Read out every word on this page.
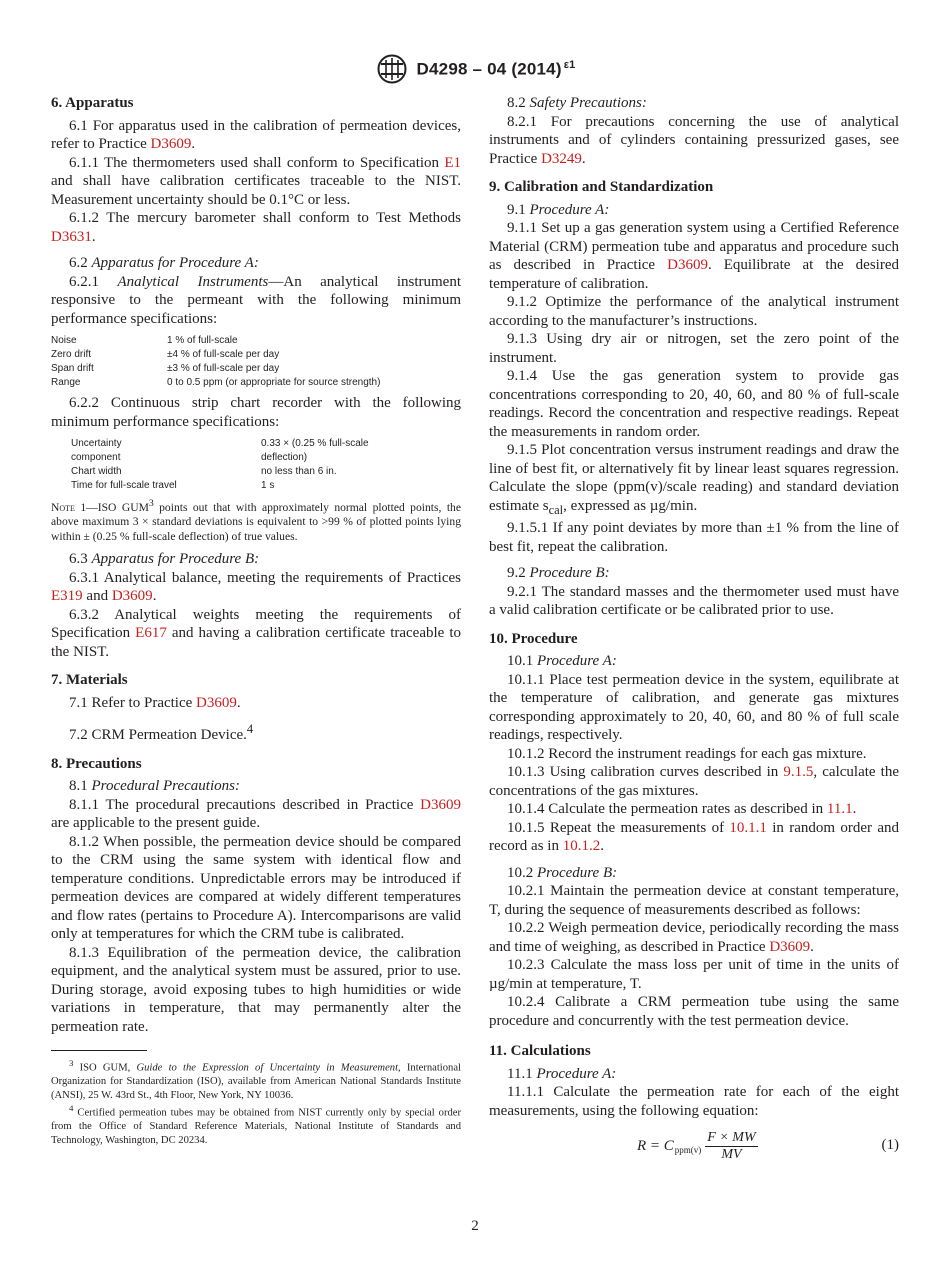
D4298 – 04 (2014) $^{\varepsilon 1}$
6. Apparatus

6.1 For apparatus used in the calibration of permeation devices, refer to Practice D3609.

6.1.1 The thermometers used shall conform to Specification E1 and shall have calibration certificates traceable to the NIST. Measurement uncertainty should be 0.1°C or less.

6.1.2 The mercury barometer shall conform to Test Methods D3631.

6.2 Apparatus for Procedure A:

6.2.1 Analytical Instruments—An analytical instrument responsive to the permeant with the following minimum performance specifications:

Noise	1 % of full-scale
Zero drift	±4 % of full-scale per day
Span drift	±3 % of full-scale per day
Range	0 to 0.5 ppm (or appropriate for source strength)

6.2.2 Continuous strip chart recorder with the following minimum performance specifications:

Uncertainty	0.33 × (0.25 % full-scale
component	deflection)
Chart width	no less than 6 in.
Time for full-scale travel	1 s
Note 1—ISO GUM$^3$ points out that with approximately normal plotted points, the above maximum 3 × standard deviations is equivalent to >99 % of plotted points lying within ± (0.25 % full-scale deflection) of true values.

6.3 Apparatus for Procedure B:

6.3.1 Analytical balance, meeting the requirements of Practices E319 and D3609.

6.3.2 Analytical weights meeting the requirements of Specification E617 and having a calibration certificate traceable to the NIST.

7. Materials

7.1 Refer to Practice D3609.

7.2 CRM Permeation Device.$^4$

8. Precautions

8.1 Procedural Precautions:

8.1.1 The procedural precautions described in Practice D3609 are applicable to the present guide.

8.1.2 When possible, the permeation device should be compared to the CRM using the same system with identical flow and temperature conditions. Unpredictable errors may be introduced if permeation devices are compared at widely different temperatures and flow rates (pertains to Procedure A). Intercomparisons are valid only at temperatures for which the CRM tube is calibrated.

8.1.3 Equilibration of the permeation device, the calibration equipment, and the analytical system must be assured, prior to use. During storage, avoid exposing tubes to high humidities or wide variations in temperature, that may permanently alter the permeation rate.

$^3$ ISO GUM, Guide to the Expression of Uncertainty in Measurement, International Organization for Standardization (ISO), available from American National Standards Institute (ANSI), 25 W. 43rd St., 4th Floor, New York, NY 10036.

$^4$ Certified permeation tubes may be obtained from NIST currently only by special order from the Office of Standard Reference Materials, National Institute of Standards and Technology, Washington, DC 20234.

8.2 Safety Precautions:

8.2.1 For precautions concerning the use of analytical instruments and of cylinders containing pressurized gases, see Practice D3249.

9. Calibration and Standardization

9.1 Procedure A:

9.1.1 Set up a gas generation system using a Certified Reference Material (CRM) permeation tube and apparatus and procedure such as described in Practice D3609. Equilibrate at the desired temperature of calibration.

9.1.2 Optimize the performance of the analytical instrument according to the manufacturer’s instructions.

9.1.3 Using dry air or nitrogen, set the zero point of the instrument.

9.1.4 Use the gas generation system to provide gas concentrations corresponding to 20, 40, 60, and 80 % of full-scale readings. Record the concentration and respective readings. Repeat the measurements in random order.

9.1.5 Plot concentration versus instrument readings and draw the line of best fit, or alternatively fit by linear least squares regression. Calculate the slope (ppm(v)/scale reading) and standard deviation estimate $s_{cal}$, expressed as µg/min.

9.1.5.1 If any point deviates by more than ±1 % from the line of best fit, repeat the calibration.

9.2 Procedure B:

9.2.1 The standard masses and the thermometer used must have a valid calibration certificate or be calibrated prior to use.

10. Procedure

10.1 Procedure A:

10.1.1 Place test permeation device in the system, equilibrate at the temperature of calibration, and generate gas mixtures corresponding approximately to 20, 40, 60, and 80 % of full scale readings, respectively.

10.1.2 Record the instrument readings for each gas mixture.

10.1.3 Using calibration curves described in 9.1.5, calculate the concentrations of the gas mixtures.

10.1.4 Calculate the permeation rates as described in 11.1.

10.1.5 Repeat the measurements of 10.1.1 in random order and record as in 10.1.2.

10.2 Procedure B:

10.2.1 Maintain the permeation device at constant temperature, T, during the sequence of measurements described as follows:

10.2.2 Weigh permeation device, periodically recording the mass and time of weighing, as described in Practice D3609.

10.2.3 Calculate the mass loss per unit of time in the units of µg/min at temperature, T.

10.2.4 Calibrate a CRM permeation tube using the same procedure and concurrently with the test permeation device.

11. Calculations

11.1 Procedure A:

11.1.1 Calculate the permeation rate for each of the eight measurements, using the following equation:

R = C $ppm(v) \frac{F \times MW}{MV}$	(1)
2
